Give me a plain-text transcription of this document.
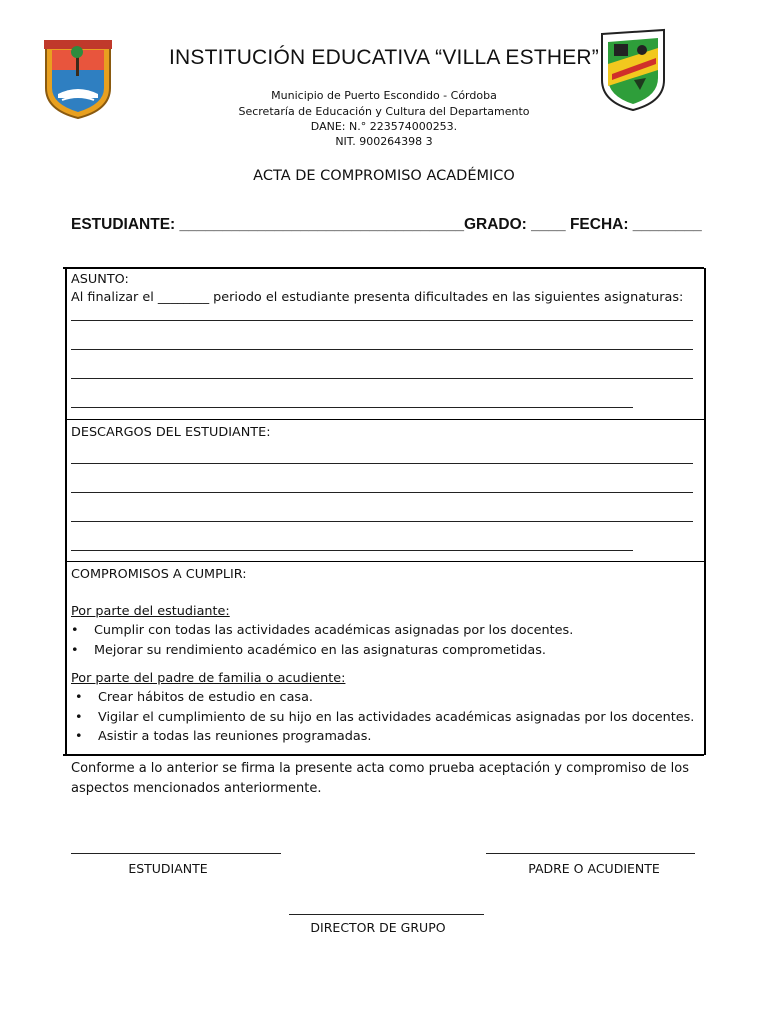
INSTITUCIÓN EDUCATIVA “VILLA ESTHER”
Municipio de Puerto Escondido - Córdoba
Secretaría de Educación y Cultura del Departamento
DANE: N.° 223574000253.
NIT. 900264398 3
ACTA DE COMPROMISO ACADÉMICO
ESTUDIANTE: _________________________________GRADO: ____ FECHA: ________
ASUNTO:
Al finalizar el ________ periodo el estudiante presenta dificultades en las siguientes asignaturas:
DESCARGOS DEL ESTUDIANTE:
COMPROMISOS A CUMPLIR:
Por parte del estudiante:
• Cumplir con todas las actividades académicas asignadas por los docentes.
• Mejorar su rendimiento académico en las asignaturas comprometidas.
Por parte del padre de familia o acudiente:
• Crear hábitos de estudio en casa.
• Vigilar el cumplimiento de su hijo en las actividades académicas asignadas por los docentes.
• Asistir a todas las reuniones programadas.
Conforme a lo anterior se firma la presente acta como prueba aceptación y compromiso de los
aspectos mencionados anteriormente.
ESTUDIANTE	PADRE O ACUDIENTE
DIRECTOR DE GRUPO
